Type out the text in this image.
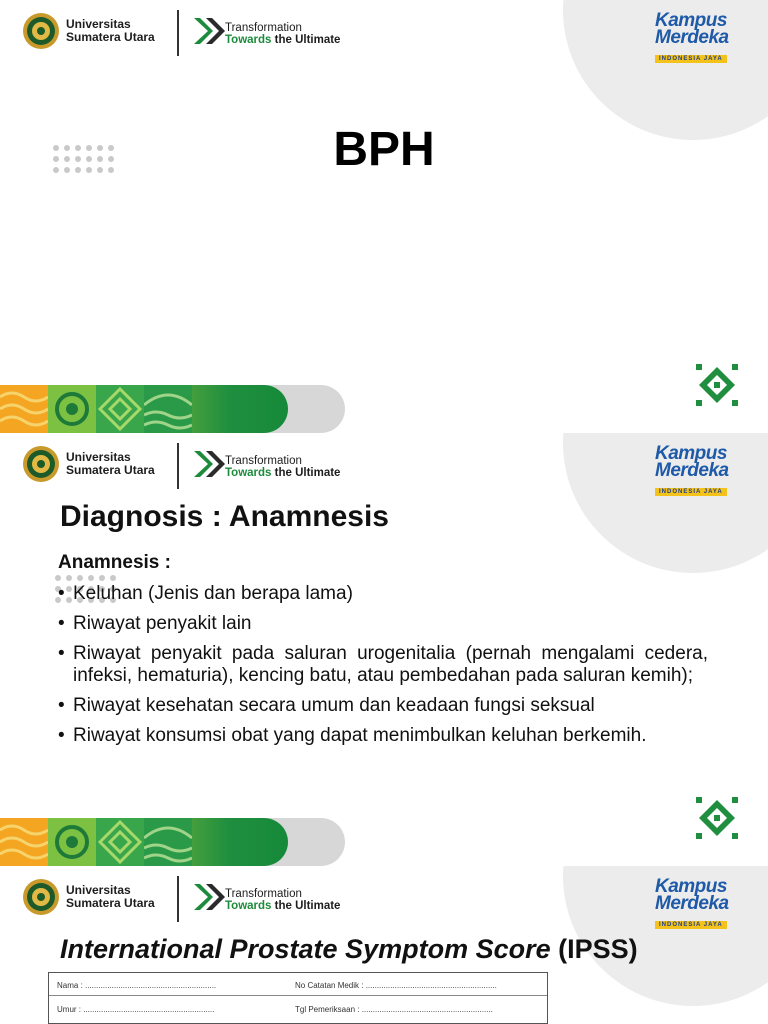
Kampus
Merdeka
INDONESIA JAYA
Universitas
Sumatera Utara
Transformation
Towards the Ultimate
BPH
Kampus
Merdeka
INDONESIA JAYA
Universitas
Sumatera Utara
Transformation
Towards the Ultimate
Diagnosis : Anamnesis
Anamnesis :
• Keluhan (Jenis dan berapa lama)
• Riwayat penyakit lain
• Riwayat penyakit pada saluran urogenitalia (pernah mengalami cedera, infeksi, hematuria), kencing batu, atau pembedahan pada saluran kemih);
• Riwayat kesehatan secara umum dan keadaan fungsi seksual
• Riwayat konsumsi obat yang dapat menimbulkan keluhan berkemih.
Kampus
Merdeka
INDONESIA JAYA
Universitas
Sumatera Utara
Transformation
Towards the Ultimate
International Prostate Symptom Score (IPSS)
Nama : ...........................................................	No Catatan Medik : ...........................................................
Umur : ...........................................................	Tgl Pemeriksaan : ...........................................................
